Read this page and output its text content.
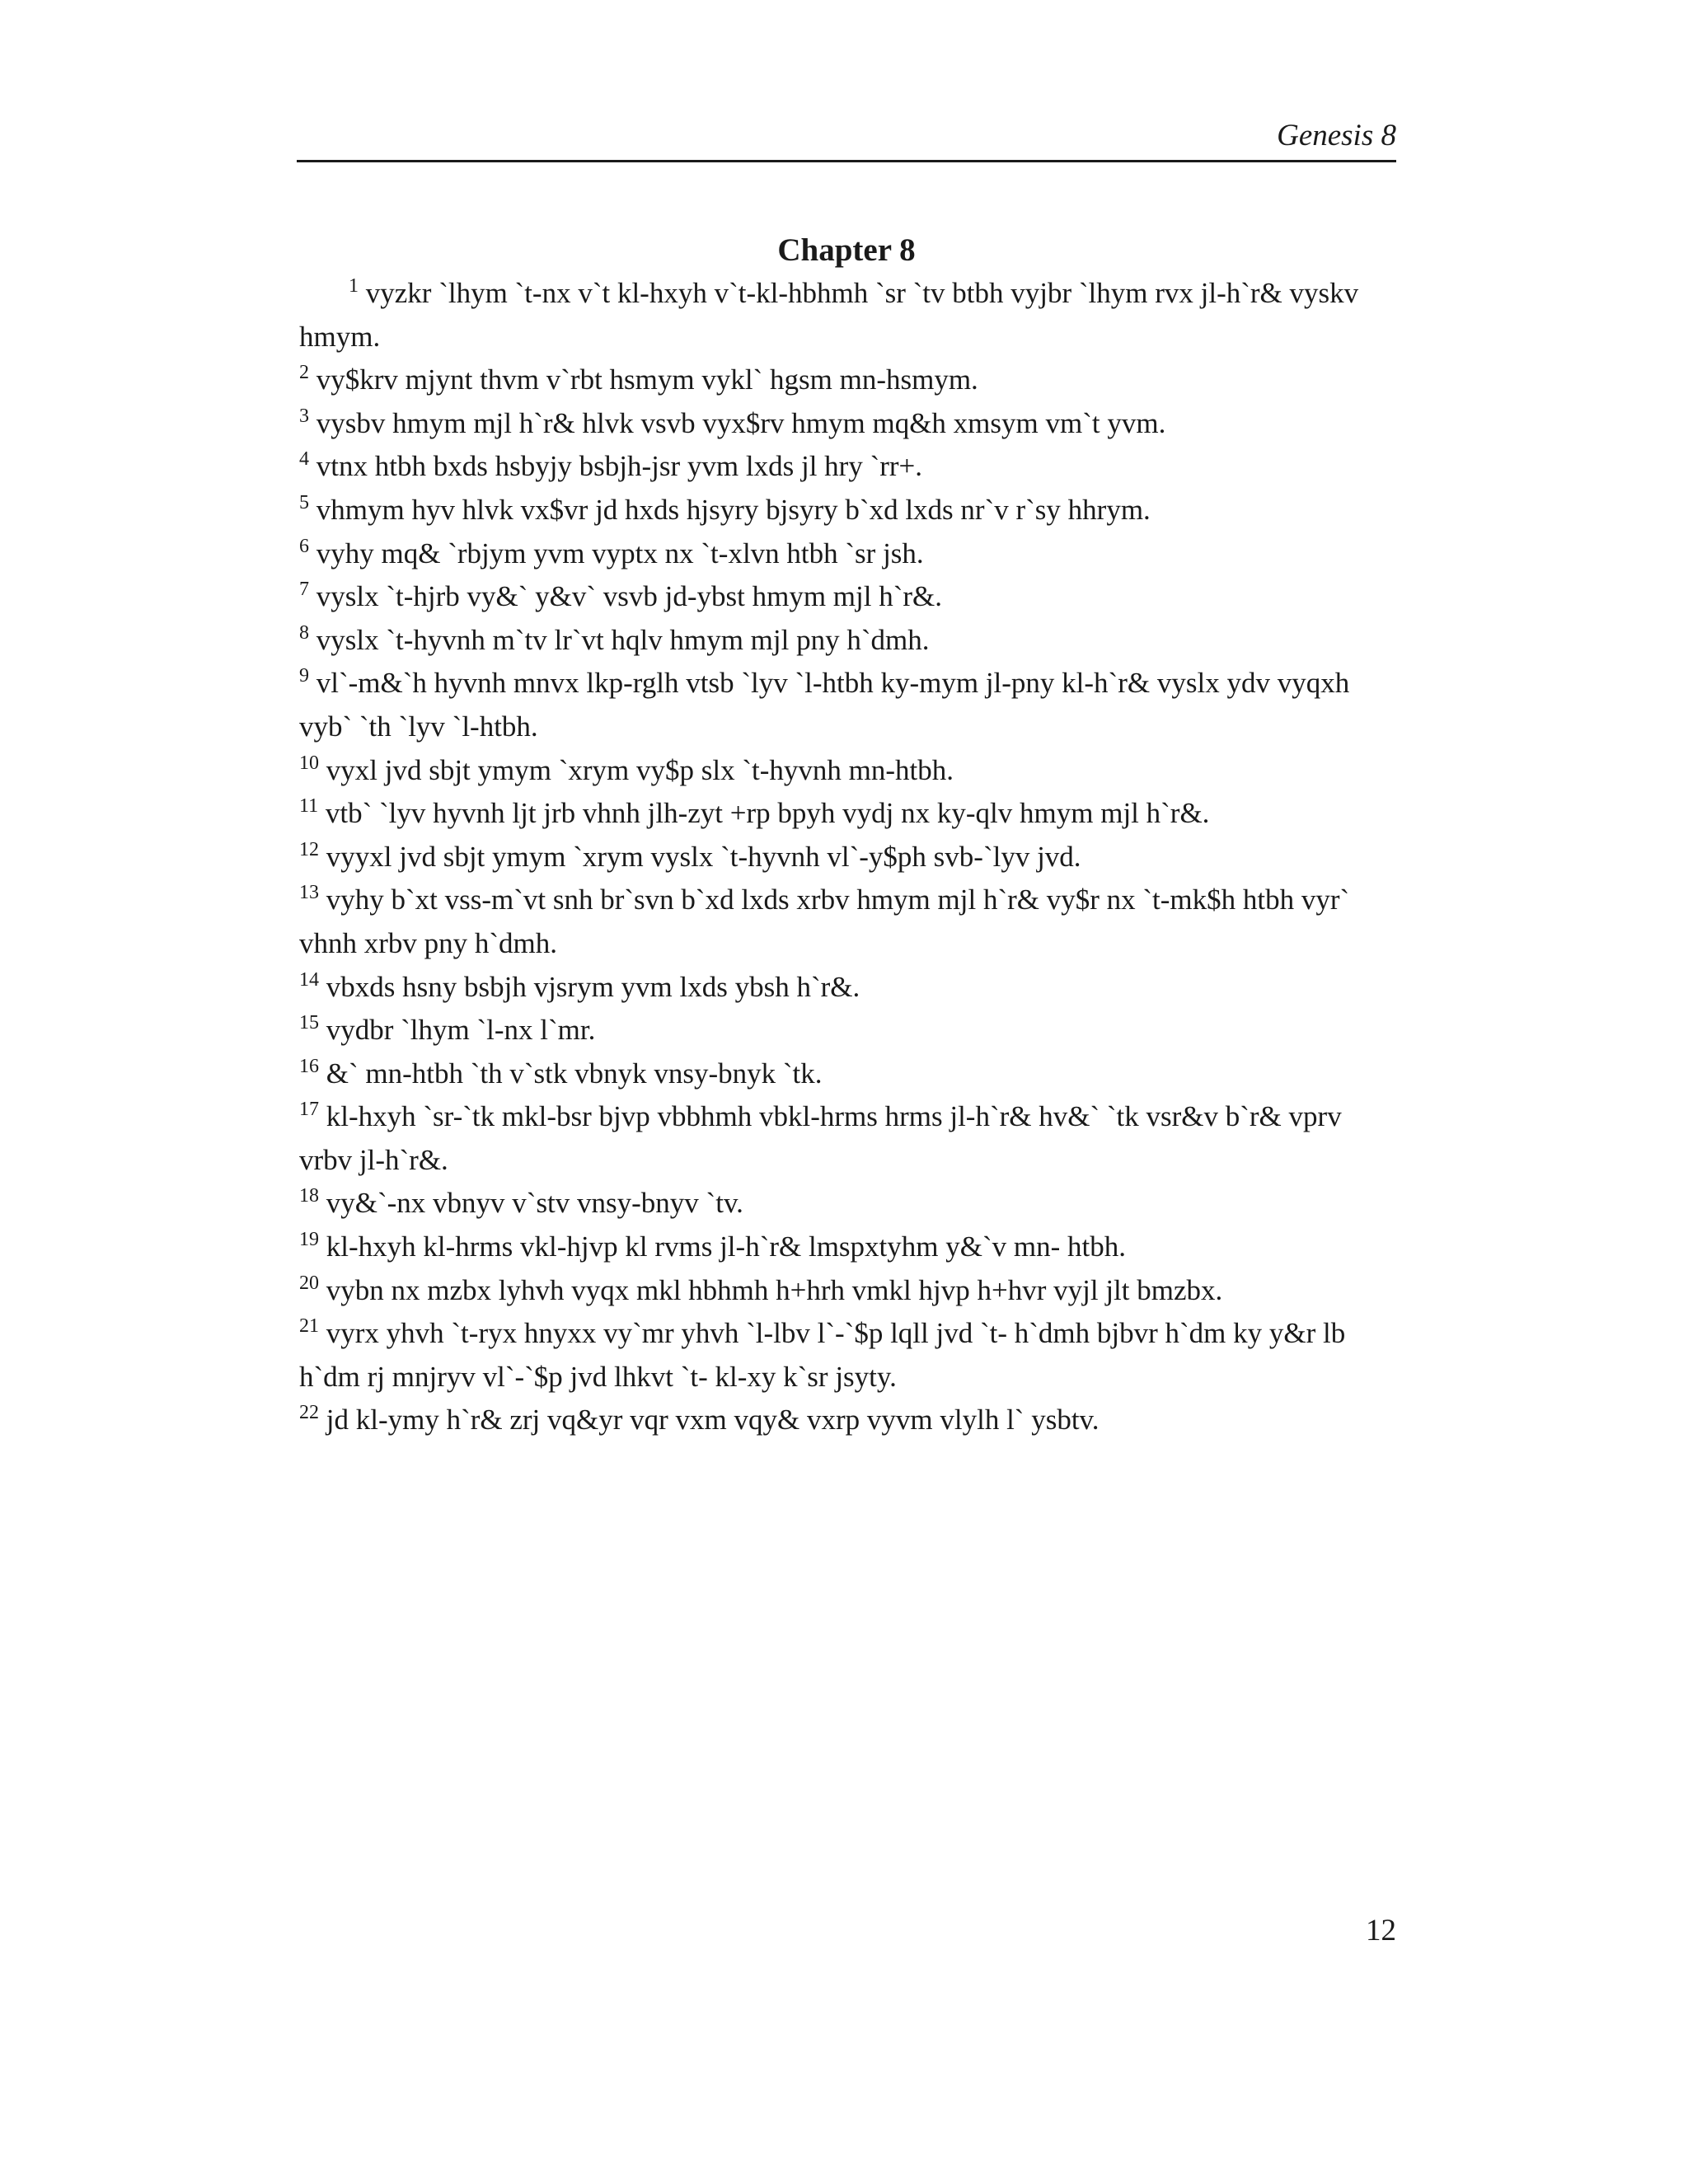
Genesis 8
Chapter 8

$^1$ vyzkr `lhym `t-nx v`t kl-hxyh v`t-kl-hbhmh `sr `tv btbh vyjbr `lhym rvx jl-h`r& vyskv hmym.

$^2$ vy$krv mjynt thvm v`rbt hsmym vykl` hgsm mn-hsmym.

$^3$ vysbv hmym mjl h`r& hlvk vsvb vyx$rv hmym mq&h xmsym vm`t yvm.

$^4$ vtnx htbh bxds hsbyjy bsbjh-jsr yvm lxds jl hry `rr+.

$^5$ vhmym hyv hlvk vx$vr jd hxds hjsyry bjsyry b`xd lxds nr`v r`sy hhrym.

$^6$ vyhy mq& `rbjym yvm vyptx nx `t-xlvn htbh `sr jsh.

$^7$ vyslx `t-hjrb vy&` y&v` vsvb jd-ybst hmym mjl h`r&.

$^8$ vyslx `t-hyvnh m`tv lr`vt hqlv hmym mjl pny h`dmh.

$^9$ vl`-m&`h hyvnh mnvx lkp-rglh vtsb `lyv `l-htbh ky-mym jl-pny kl-h`r& vyslx ydv vyqxh vyb` `th `lyv `l-htbh.

$^{10}$ vyxl jvd sbjt ymym `xrym vy$p slx `t-hyvnh mn-htbh.

$^{11}$ vtb` `lyv hyvnh ljt jrb vhnh jlh-zyt +rp bpyh vydj nx ky-qlv hmym mjl h`r&.

$^{12}$ vyyxl jvd sbjt ymym `xrym vyslx `t-hyvnh vl`-y$ph svb-`lyv jvd.

$^{13}$ vyhy b`xt vss-m`vt snh br`svn b`xd lxds xrbv hmym mjl h`r& vy$r nx `t-mk$h htbh vyr` vhnh xrbv pny h`dmh.

$^{14}$ vbxds hsny bsbjh vjsrym yvm lxds ybsh h`r&.

$^{15}$ vydbr `lhym `l-nx l`mr.

$^{16}$ &` mn-htbh `th v`stk vbnyk vnsy-bnyk `tk.

$^{17}$ kl-hxyh `sr-`tk mkl-bsr bjvp vbbhmh vbkl-hrms hrms jl-h`r& hv&` `tk vsr&v b`r& vprv vrbv jl-h`r&.

$^{18}$ vy&`-nx vbnyv v`stv vnsy-bnyv `tv.

$^{19}$ kl-hxyh kl-hrms vkl-hjvp kl rvms jl-h`r& lmspxtyhm y&`v mn- htbh.

$^{20}$ vybn nx mzbx lyhvh vyqx mkl hbhmh h+hrh vmkl hjvp h+hvr vyjl jlt bmzbx.

$^{21}$ vyrx yhvh `t-ryx hnyxx vy`mr yhvh `l-lbv l`-`$p lqll jvd `t- h`dmh bjbvr h`dm ky y&r lb h`dm rj mnjryv vl`-`$p jvd lhkvt `t- kl-xy k`sr jsyty.

$^{22}$ jd kl-ymy h`r& zrj vq&yr vqr vxm vqy& vxrp vyvm vlylh l` ysbtv.

12
